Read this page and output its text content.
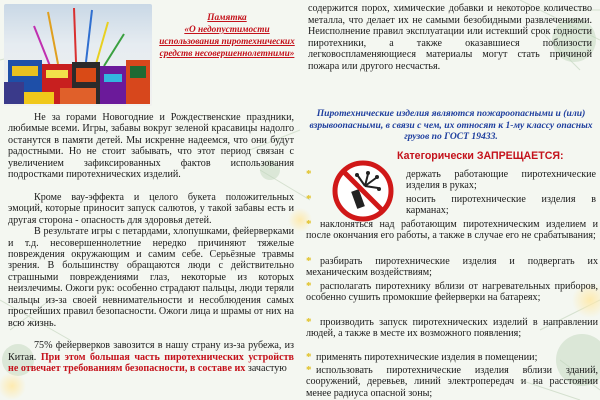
Памятка
«О недопустимости использования пиротехнических средств несовершеннолетними»

Не за горами Новогодние и Рождественские праздники, любимые всеми. Игры, забавы вокруг зеленой красавицы надолго останутся в памяти детей. Мы искренне надеемся, что они будут радостными. Но не стоит забывать, что этот период связан с увеличением зафиксированных фактов использования подростками пиротехнических изделий.

Кроме вау-эффекта и целого букета положительных эмоций, которые приносит запуск салютов, у такой забавы есть и другая сторона - опасность для здоровья детей.

В результате игры с петардами, хлопушками, фейерверками и т.д. несовершеннолетние нередко причиняют тяжелые повреждения окружающим и самим себе. Серьёзные травмы зрения. В большинству обращаются люди с действительно страшными повреждениями глаз, некоторые из которых неизлечимы. Ожоги рук: особенно страдают пальцы, люди теряли пальцы из-за своей невнимательности и несоблюдения самых простейших правил безопасности. Ожоги лица и шрамы от них на всю жизнь.

75% фейерверков завозится в нашу страну из-за рубежа, из Китая. При этом большая часть пиротехнических устройств не отвечает требованиям безопасности, в составе их зачастую

содержится порох, химические добавки и некоторое количество металла, что делает их не самыми безобидными развлечениями. Неисполнение правил эксплуатации или истекший срок годности пиротехники, а также оказавшиеся поблизости легковоспламеняющиеся материалы могут стать причиной пожара или другого несчастья.
Пиротехнические изделия являются пожароопасными и (или) взрывоопасными, в связи с чем, их относят к 1-му классу опасных грузов по ГОСТ 19433.
Категорически ЗАПРЕЩАЕТСЯ:
*	держать работающие пиротехнические изделия в руках;
*	носить пиротехнические изделия в карманах;
* наклоняться над работающим пиротехническим изделием и после окончания его работы, а также в случае его не срабатывания;
* разбирать пиротехнические изделия и подвергать их механическим воздействиям;
* располагать пиротехнику вблизи от нагревательных приборов, особенно сушить промокшие фейерверки на батареях;
* производить запуск пиротехнических изделий в направлении людей, а также в месте их возможного появления;
* применять пиротехнические изделия в помещении;
* использовать пиротехнические изделия вблизи зданий, сооружений, деревьев, линий электропередач и на расстоянии менее радиуса опасной зоны;
